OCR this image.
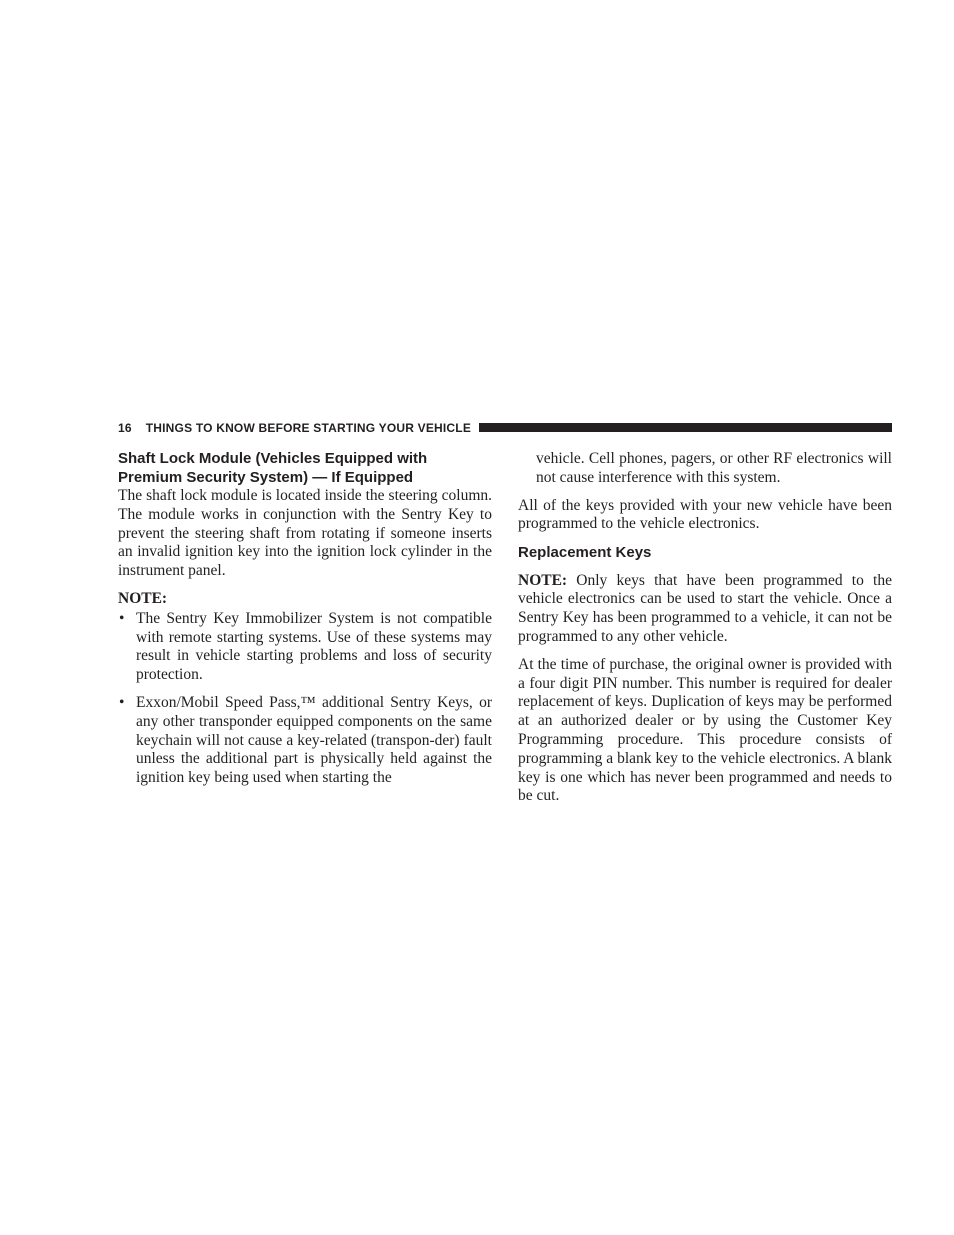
16 THINGS TO KNOW BEFORE STARTING YOUR VEHICLE
Shaft Lock Module (Vehicles Equipped with
Premium Security System) — If Equipped

The shaft lock module is located inside the steering column. The module works in conjunction with the Sentry Key to prevent the steering shaft from rotating if someone inserts an invalid ignition key into the ignition lock cylinder in the instrument panel.

NOTE:
• The Sentry Key Immobilizer System is not compatible with remote starting systems. Use of these systems may result in vehicle starting problems and loss of security protection.
• Exxon/Mobil Speed Pass,™ additional Sentry Keys, or any other transponder equipped components on the same keychain will not cause a key-related (transpon-der) fault unless the additional part is physically held against the ignition key being used when starting the
vehicle. Cell phones, pagers, or other RF electronics will not cause interference with this system.

All of the keys provided with your new vehicle have been programmed to the vehicle electronics.

Replacement Keys

NOTE: Only keys that have been programmed to the vehicle electronics can be used to start the vehicle. Once a Sentry Key has been programmed to a vehicle, it can not be programmed to any other vehicle.

At the time of purchase, the original owner is provided with a four digit PIN number. This number is required for dealer replacement of keys. Duplication of keys may be performed at an authorized dealer or by using the Customer Key Programming procedure. This procedure consists of programming a blank key to the vehicle electronics. A blank key is one which has never been programmed and needs to be cut.
